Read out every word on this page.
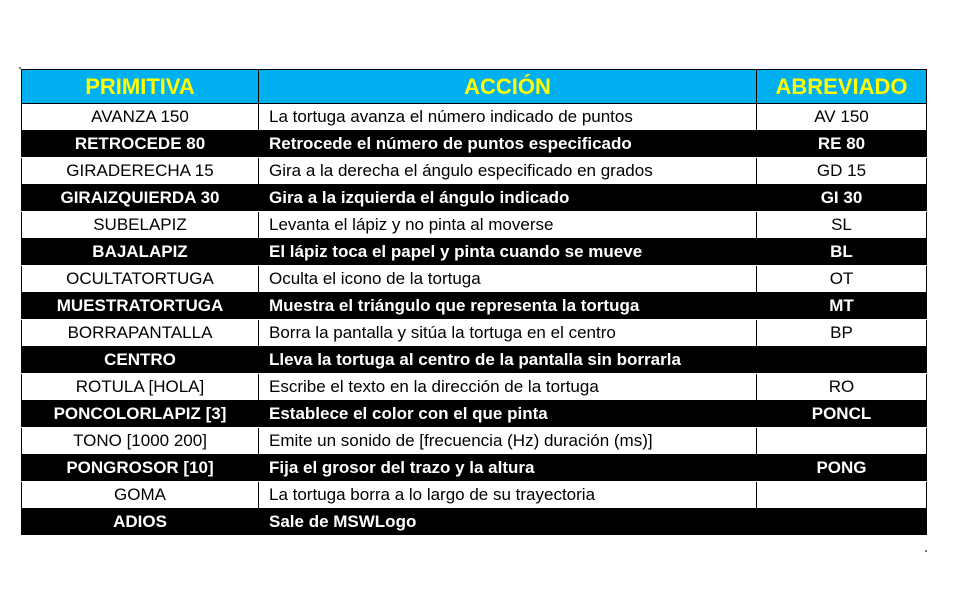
PRIMITIVA	ACCIÓN	ABREVIADO
AVANZA 150	La tortuga avanza el número indicado de puntos	AV 150
RETROCEDE 80	Retrocede el número de puntos especificado	RE 80
GIRADERECHA 15	Gira a la derecha el ángulo especificado en grados	GD 15
GIRAIZQUIERDA 30	Gira a la izquierda el ángulo indicado	GI 30
SUBELAPIZ	Levanta el lápiz y no pinta al moverse	SL
BAJALAPIZ	El lápiz toca el papel y pinta cuando se mueve	BL
OCULTATORTUGA	Oculta el icono de la tortuga	OT
MUESTRATORTUGA	Muestra el triángulo que representa la tortuga	MT
BORRAPANTALLA	Borra la pantalla y sitúa la tortuga en el centro	BP
CENTRO	Lleva la tortuga al centro de la pantalla sin borrarla	
ROTULA [HOLA]	Escribe el texto en la dirección de la tortuga	RO
PONCOLORLAPIZ [3]	Establece el color con el que pinta	PONCL
TONO [1000 200]	Emite un sonido de [frecuencia (Hz) duración (ms)]	
PONGROSOR [10]	Fija el grosor del trazo y la altura	PONG
GOMA	La tortuga borra a lo largo de su trayectoria	
ADIOS	Sale de MSWLogo	
